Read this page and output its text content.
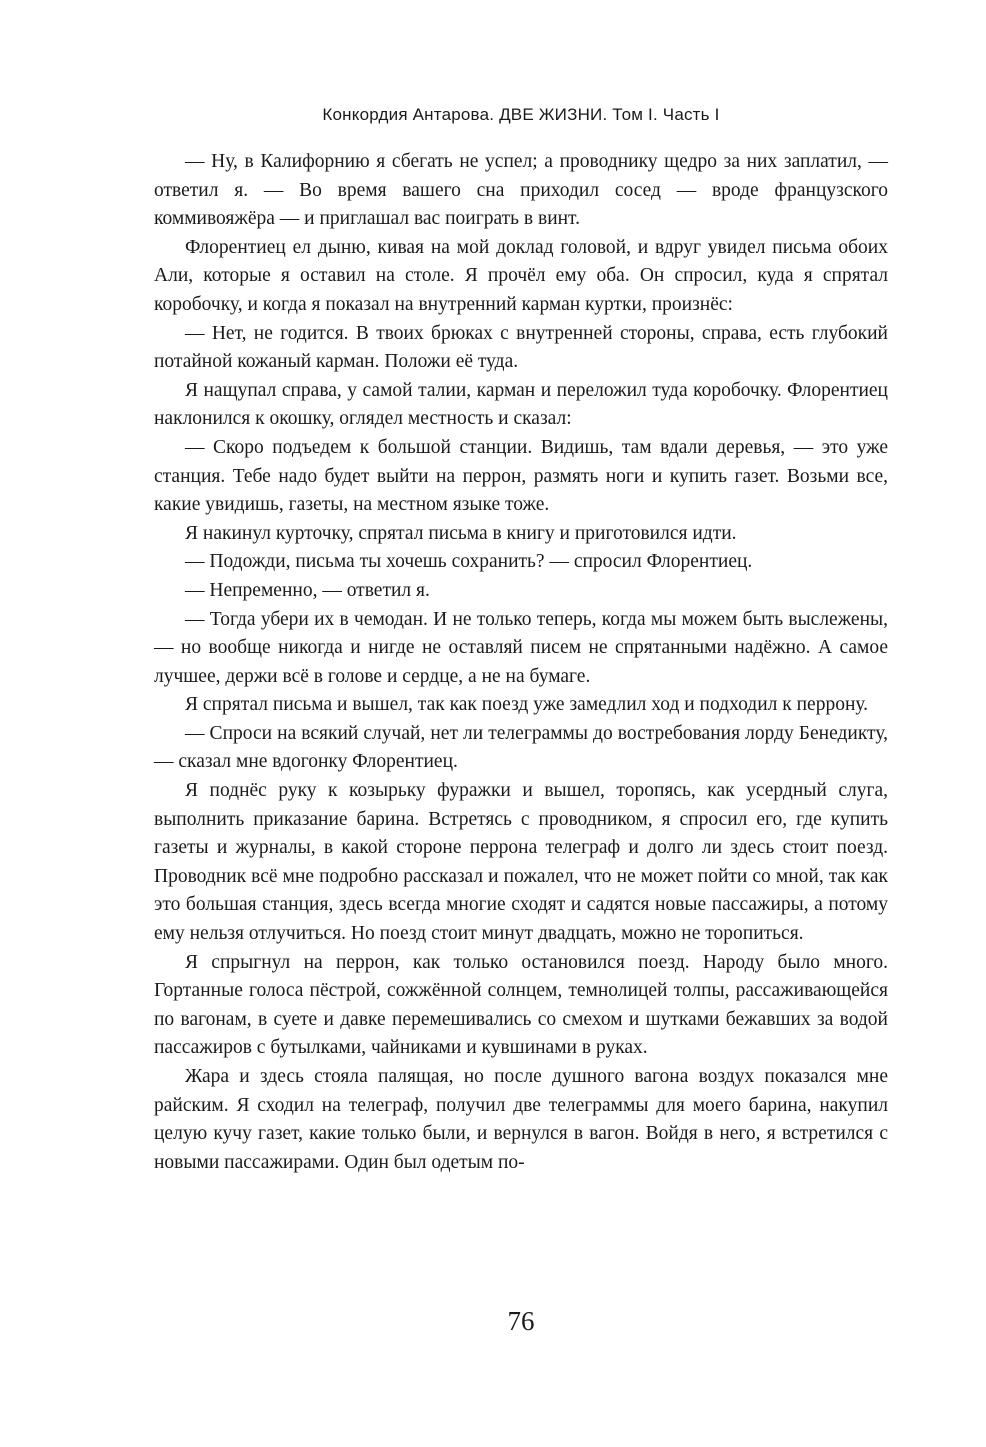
Конкордия Антарова. ДВЕ ЖИЗНИ. Том I. Часть I

— Ну, в Калифорнию я сбегать не успел; а проводнику щедро за них заплатил, — ответил я. — Во время вашего сна приходил сосед — вроде французского коммивояжёра — и приглашал вас поиграть в винт.

Флорентиец ел дыню, кивая на мой доклад головой, и вдруг увидел письма обоих Али, которые я оставил на столе. Я прочёл ему оба. Он спросил, куда я спрятал коробочку, и когда я показал на внутренний карман куртки, произнёс:

— Нет, не годится. В твоих брюках с внутренней стороны, справа, есть глубокий потайной кожаный карман. Положи её туда.

Я нащупал справа, у самой талии, карман и переложил туда коробочку. Флорентиец наклонился к окошку, оглядел местность и сказал:

— Скоро подъедем к большой станции. Видишь, там вдали деревья, — это уже станция. Тебе надо будет выйти на перрон, размять ноги и купить газет. Возьми все, какие увидишь, газеты, на местном языке тоже.

Я накинул курточку, спрятал письма в книгу и приготовился идти.

— Подожди, письма ты хочешь сохранить? — спросил Флорентиец.

— Непременно, — ответил я.

— Тогда убери их в чемодан. И не только теперь, когда мы можем быть выслежены, — но вообще никогда и нигде не оставляй писем не спрятанными надёжно. А самое лучшее, держи всё в голове и сердце, а не на бумаге.

Я спрятал письма и вышел, так как поезд уже замедлил ход и подходил к перрону.

— Спроси на всякий случай, нет ли телеграммы до востребования лорду Бенедикту, — сказал мне вдогонку Флорентиец.

Я поднёс руку к козырьку фуражки и вышел, торопясь, как усердный слуга, выполнить приказание барина. Встретясь с проводником, я спросил его, где купить газеты и журналы, в какой стороне перрона телеграф и долго ли здесь стоит поезд. Проводник всё мне подробно рассказал и пожалел, что не может пойти со мной, так как это большая станция, здесь всегда многие сходят и садятся новые пассажиры, а потому ему нельзя отлучиться. Но поезд стоит минут двадцать, можно не торопиться.

Я спрыгнул на перрон, как только остановился поезд. Народу было много. Гортанные голоса пёстрой, сожжённой солнцем, темнолицей толпы, рассаживающейся по вагонам, в суете и давке перемешивались со смехом и шутками бежавших за водой пассажиров с бутылками, чайниками и кувшинами в руках.

Жара и здесь стояла палящая, но после душного вагона воздух показался мне райским. Я сходил на телеграф, получил две телеграммы для моего барина, накупил целую кучу газет, какие только были, и вернулся в вагон. Войдя в него, я встретился с новыми пассажирами. Один был одетым по-

76
